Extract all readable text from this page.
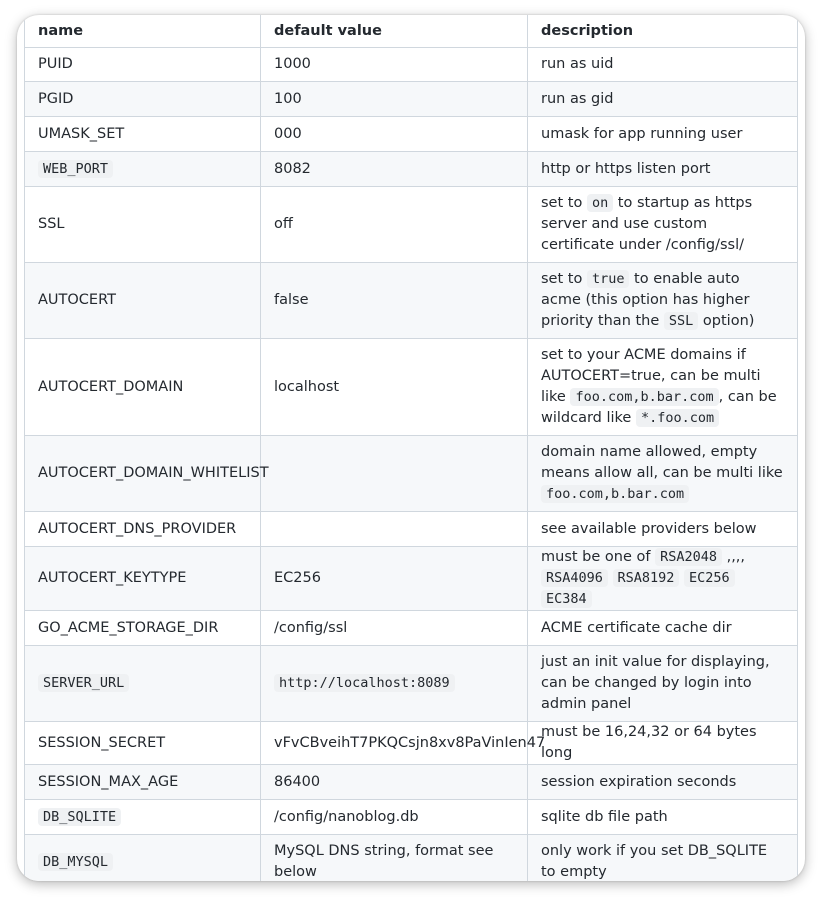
name	default value	description
PUID	1000	run as uid
PGID	100	run as gid
UMASK_SET	000	umask for app running user
WEB_PORT	8082	http or https listen port
SSL	off	set to on to startup as https server and use custom certificate under /config/ssl/
AUTOCERT	false	set to true to enable auto acme (this option has higher priority than the SSL option)
AUTOCERT_DOMAIN	localhost	set to your ACME domains if AUTOCERT=true, can be multi like foo.com,b.bar.com , can be wildcard like *.foo.com
AUTOCERT_DOMAIN_WHITELIST		domain name allowed, empty means allow all, can be multi like foo.com,b.bar.com
AUTOCERT_DNS_PROVIDER		see available providers below
AUTOCERT_KEYTYPE	EC256	must be one of RSA2048 ,,,, RSA4096 RSA8192 EC256 EC384
GO_ACME_STORAGE_DIR	/config/ssl	ACME certificate cache dir
SERVER_URL	http://localhost:8089	just an init value for displaying, can be changed by login into admin panel
SESSION_SECRET	vFvCBveihT7PKQCsjn8xv8PaVinIen47	must be 16,24,32 or 64 bytes long
SESSION_MAX_AGE	86400	session expiration seconds
DB_SQLITE	/config/nanoblog.db	sqlite db file path
DB_MYSQL	MySQL DNS string, format see below	only work if you set DB_SQLITE to empty
